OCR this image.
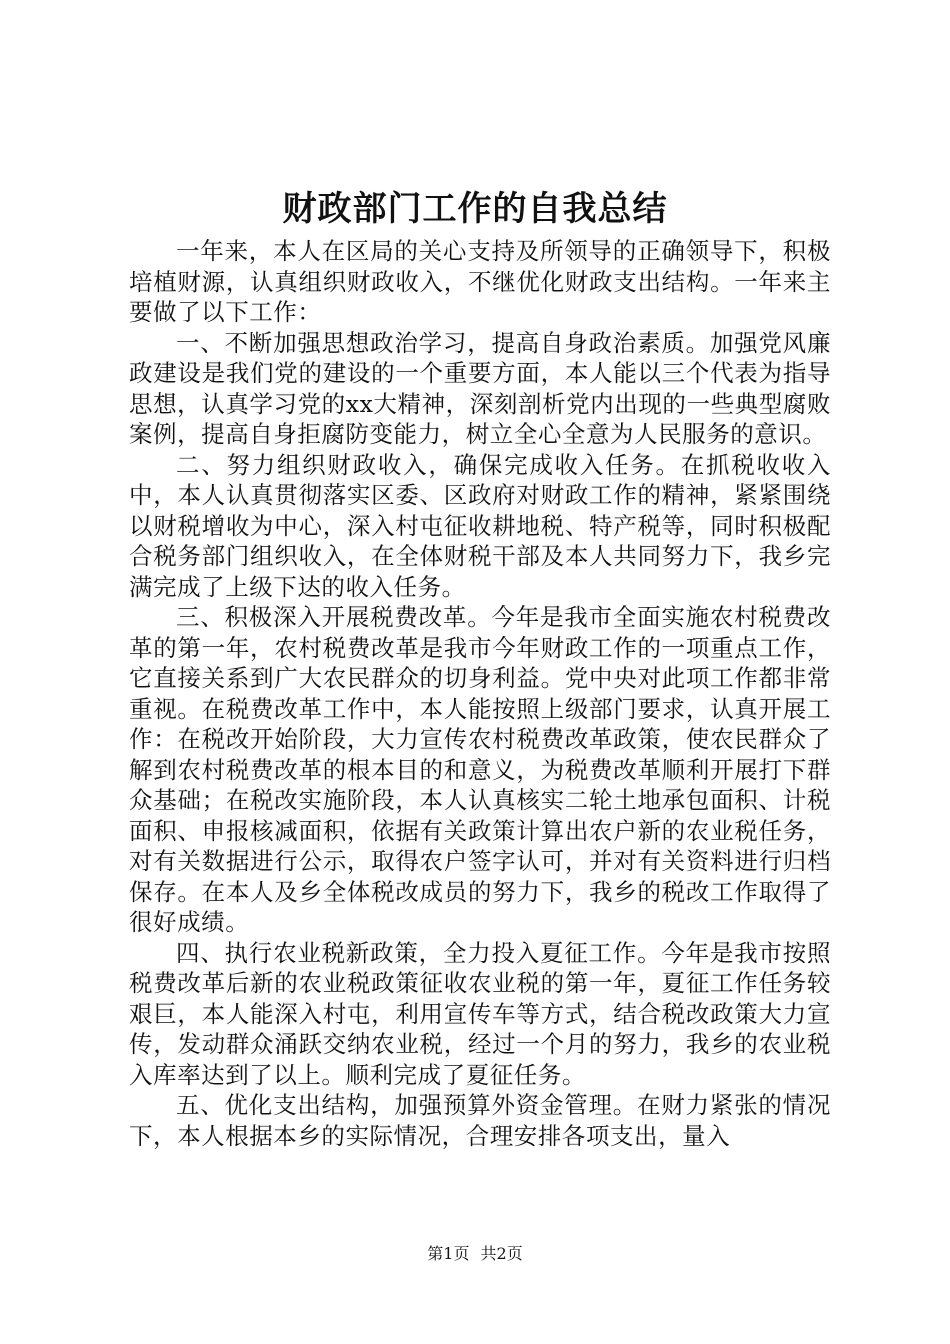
财政部门工作的自我总结

一年来，本人在区局的关心支持及所领导的正确领导下，积极培植财源，认真组织财政收入，不继优化财政支出结构。一年来主要做了以下工作：

一、不断加强思想政治学习，提高自身政治素质。加强党风廉政建设是我们党的建设的一个重要方面，本人能以三个代表为指导思想，认真学习党的xx大精神，深刻剖析党内出现的一些典型腐败案例，提高自身拒腐防变能力，树立全心全意为人民服务的意识。

二、努力组织财政收入，确保完成收入任务。在抓税收收入中，本人认真贯彻落实区委、区政府对财政工作的精神，紧紧围绕以财税增收为中心，深入村屯征收耕地税、特产税等，同时积极配合税务部门组织收入，在全体财税干部及本人共同努力下，我乡完满完成了上级下达的收入任务。

三、积极深入开展税费改革。今年是我市全面实施农村税费改革的第一年，农村税费改革是我市今年财政工作的一项重点工作，它直接关系到广大农民群众的切身利益。党中央对此项工作都非常重视。在税费改革工作中，本人能按照上级部门要求，认真开展工作：在税改开始阶段，大力宣传农村税费改革政策，使农民群众了解到农村税费改革的根本目的和意义，为税费改革顺利开展打下群众基础；在税改实施阶段，本人认真核实二轮土地承包面积、计税面积、申报核减面积，依据有关政策计算出农户新的农业税任务，对有关数据进行公示，取得农户签字认可，并对有关资料进行归档保存。在本人及乡全体税改成员的努力下，我乡的税改工作取得了很好成绩。

四、执行农业税新政策，全力投入夏征工作。今年是我市按照税费改革后新的农业税政策征收农业税的第一年，夏征工作任务较艰巨，本人能深入村屯，利用宣传车等方式，结合税改政策大力宣传，发动群众涌跃交纳农业税，经过一个月的努力，我乡的农业税入库率达到了以上。顺利完成了夏征任务。

五、优化支出结构，加强预算外资金管理。在财力紧张的情况下，本人根据本乡的实际情况，合理安排各项支出，量入

第1页 共2页
